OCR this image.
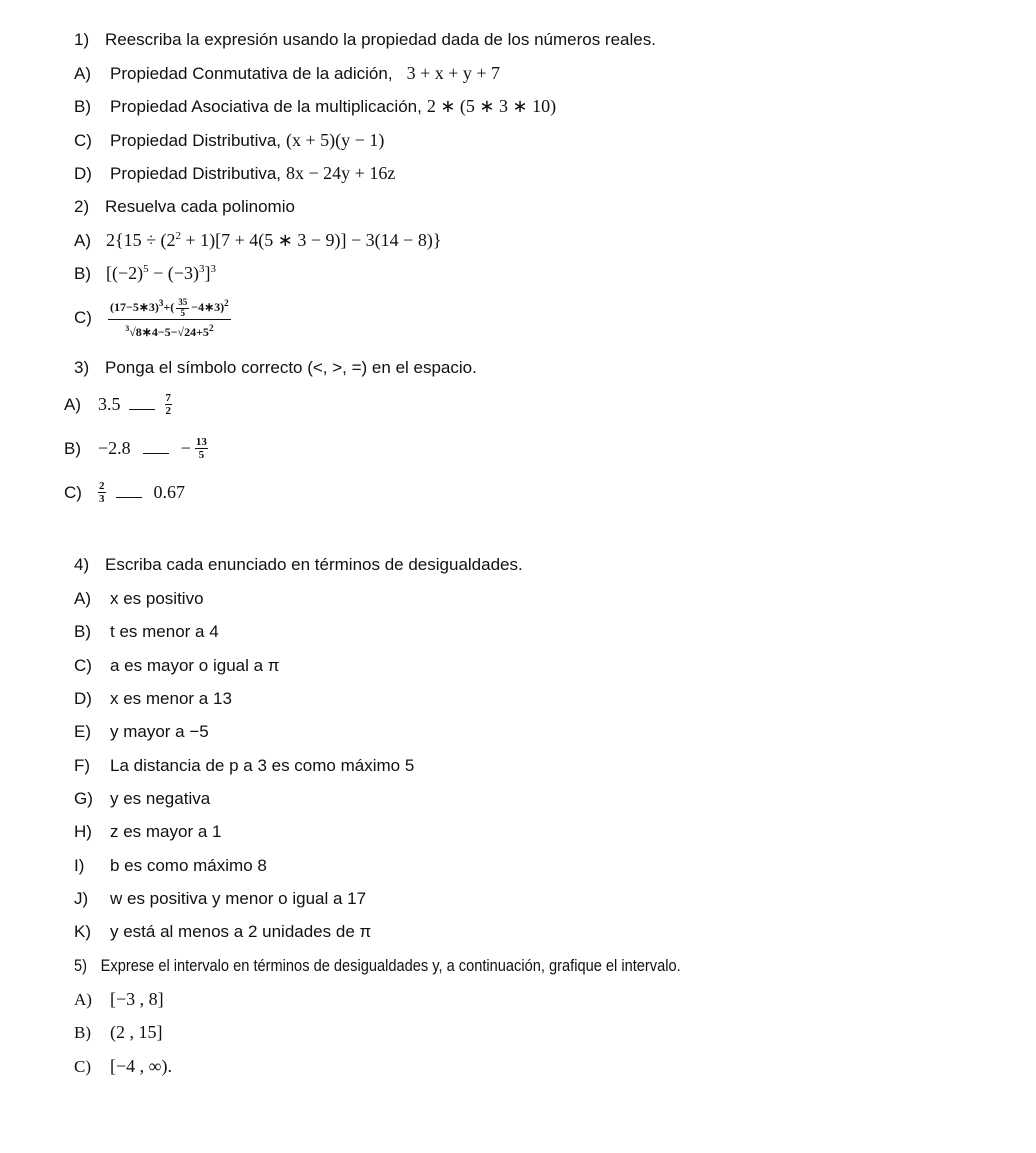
1) Reescriba la expresión usando la propiedad dada de los números reales.
A)	Propiedad Conmutativa de la adición, 3 + x + y + 7
B)	Propiedad Asociativa de la multiplicación, 2 ∗ (5 ∗ 3 ∗ 10)
C)	Propiedad Distributiva, (x + 5)(y − 1)
D)	Propiedad Distributiva, 8x − 24y + 16z
2) Resuelva cada polinomio
A) $2\{15 \div (2^2 + 1)[7 + 4(5$ ∗ 3 − 9)] − 3(14 − 8)}
B) $[(-2)^5 - (-3)^3]^3$
C)	$\frac{(17-5∗3)^3+( \frac{35}{5} -4∗3)^2}{^3√8∗4-5-√24+5^2}$
3) Ponga el símbolo correcto (<, >, =) en el espacio.
A) 3.5	$\frac{7}{2}$
B) −2.8	− $\frac{13}{5}$
C)	$\frac{2}{3}$	0.67
4) Escriba cada enunciado en términos de desigualdades.
A)	x es positivo
B)	t es menor a 4
C)	a es mayor o igual a π
D)	x es menor a 13
E)	y mayor a −5
F)	La distancia de p a 3 es como máximo 5
G)	y es negativa
H)	z es mayor a 1
I)	b es como máximo 8
J)	w es positiva y menor o igual a 17
K)	y está al menos a 2 unidades de π
5) Exprese el intervalo en términos de desigualdades y, a continuación, grafique el intervalo.
A)	[−3 , 8]
B)	(2 , 15]
C)	[−4 , ∞).
